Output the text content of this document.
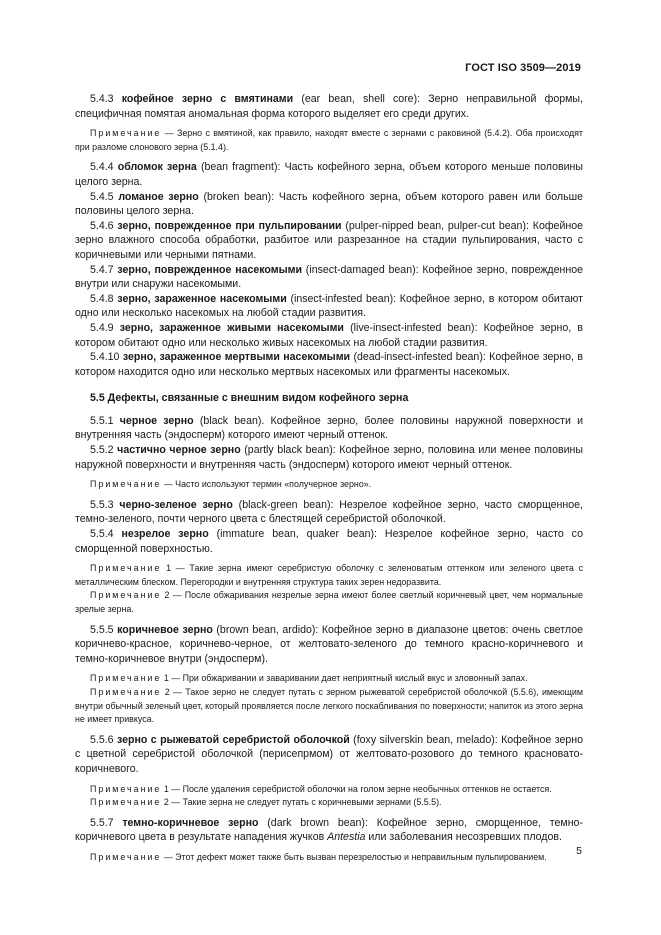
ГОСТ ISO 3509—2019

5.4.3 кофейное зерно с вмятинами (ear bean, shell core): Зерно неправильной формы, специфичная помятая аномальная форма которого выделяет его среди других.

Примечание — Зерно с вмятиной, как правило, находят вместе с зернами с раковиной (5.4.2). Оба происходят при разломе слонового зерна (5.1.4).

5.4.4 обломок зерна (bean fragment): Часть кофейного зерна, объем которого меньше половины целого зерна.

5.4.5 ломаное зерно (broken bean): Часть кофейного зерна, объем которого равен или больше половины целого зерна.

5.4.6 зерно, поврежденное при пульпировании (pulper-nipped bean, pulper-cut bean): Кофейное зерно влажного способа обработки, разбитое или разрезанное на стадии пульпирования, часто с коричневыми или черными пятнами.

5.4.7 зерно, поврежденное насекомыми (insect-damaged bean): Кофейное зерно, поврежденное внутри или снаружи насекомыми.

5.4.8 зерно, зараженное насекомыми (insect-infested bean): Кофейное зерно, в котором обитают одно или несколько насекомых на любой стадии развития.

5.4.9 зерно, зараженное живыми насекомыми (live-insect-infested bean): Кофейное зерно, в котором обитают одно или несколько живых насекомых на любой стадии развития.

5.4.10 зерно, зараженное мертвыми насекомыми (dead-insect-infested bean): Кофейное зерно, в котором находится одно или несколько мертвых насекомых или фрагменты насекомых.

5.5 Дефекты, связанные с внешним видом кофейного зерна

5.5.1 черное зерно (black bean). Кофейное зерно, более половины наружной поверхности и внутренняя часть (эндосперм) которого имеют черный оттенок.

5.5.2 частично черное зерно (partly black bean): Кофейное зерно, половина или менее половины наружной поверхности и внутренняя часть (эндосперм) которого имеют черный оттенок.

Примечание — Часто используют термин «получерное зерно».

5.5.3 черно-зеленое зерно (black-green bean): Незрелое кофейное зерно, часто сморщенное, темно-зеленого, почти черного цвета с блестящей серебристой оболочкой.

5.5.4 незрелое зерно (immature bean, quaker bean): Незрелое кофейное зерно, часто со сморщенной поверхностью.

Примечание 1 — Такие зерна имеют серебристую оболочку с зеленоватым оттенком или зеленого цвета с металлическим блеском. Перегородки и внутренняя структура таких зерен недоразвита.

Примечание 2 — После обжаривания незрелые зерна имеют более светлый коричневый цвет, чем нормальные зрелые зерна.

5.5.5 коричневое зерно (brown bean, ardido): Кофейное зерно в диапазоне цветов: очень светлое коричнево-красное, коричнево-черное, от желтовато-зеленого до темного красно-коричневого и темно-коричневое внутри (эндосперм).

Примечание 1 — При обжаривании и заваривании дает неприятный кислый вкус и зловонный запах.

Примечание 2 — Такое зерно не следует путать с зерном рыжеватой серебристой оболочкой (5.5.6), имеющим внутри обычный зеленый цвет, который проявляется после легкого поскабливания по поверхности; напиток из этого зерна не имеет привкуса.

5.5.6 зерно с рыжеватой серебристой оболочкой (foxy silverskin bean, melado): Кофейное зерно с цветной серебристой оболочкой (перисепрмом) от желтовато-розового до темного красновато-коричневого.

Примечание 1 — После удаления серебристой оболочки на голом зерне необычных оттенков не остается.

Примечание 2 — Такие зерна не следует путать с коричневыми зернами (5.5.5).

5.5.7 темно-коричневое зерно (dark brown bean): Кофейное зерно, сморщенное, темно-коричневого цвета в результате нападения жучков Antestia или заболевания несозревших плодов.

Примечание — Этот дефект может также быть вызван перезрелостью и неправильным пульпированием.	5
